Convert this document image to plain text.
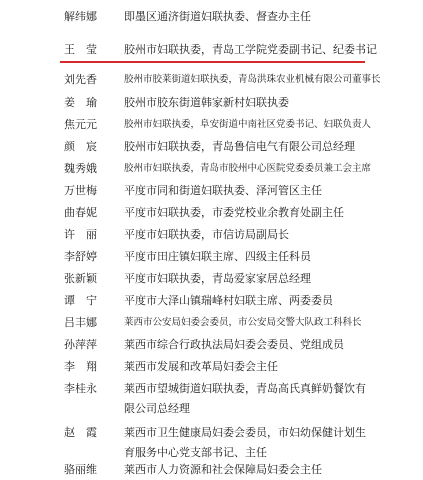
解纬娜	即墨区通济街道妇联执委、督查办主任
王　莹	胶州市妇联执委，青岛工学院党委副书记、纪委书记
刘先香	胶州市胶莱街道妇联执委，青岛洪珠农业机械有限公司董事长
姜　瑜	胶州市胶东街道韩家新村妇联执委
焦元元	胶州市妇联执委，阜安街道中南社区党委书记、妇联负责人
颜　宸	胶州市妇联执委，青岛鲁信电气有限公司总经理
魏秀娥	胶州市妇联执委，青岛市胶州中心医院党委委员兼工会主席
万世梅	平度市同和街道妇联执委、泽河管区主任
曲春妮	平度市妇联执委，市委党校业余教育处副主任
许　丽	平度市妇联执委，市信访局副局长
李舒婷	平度市田庄镇妇联主席、四级主任科员
张新颖	平度市妇联执委，青岛爱家家居总经理
谭　宁	平度市大泽山镇瑞峰村妇联主席、两委委员
吕丰娜	莱西市公安局妇委会委员，市公安局交警大队政工科科长
孙萍萍	莱西市综合行政执法局妇委会委员、党组成员
李　翔	莱西市发展和改革局妇委会主任
李桂永	莱西市望城街道妇联执委，青岛高氏真鲜奶餐饮有
限公司总经理
赵　霞	莱西市卫生健康局妇委会委员，市妇幼保健计划生
育服务中心党支部书记、主任
骆丽维	莱西市人力资源和社会保障局妇委会主任
